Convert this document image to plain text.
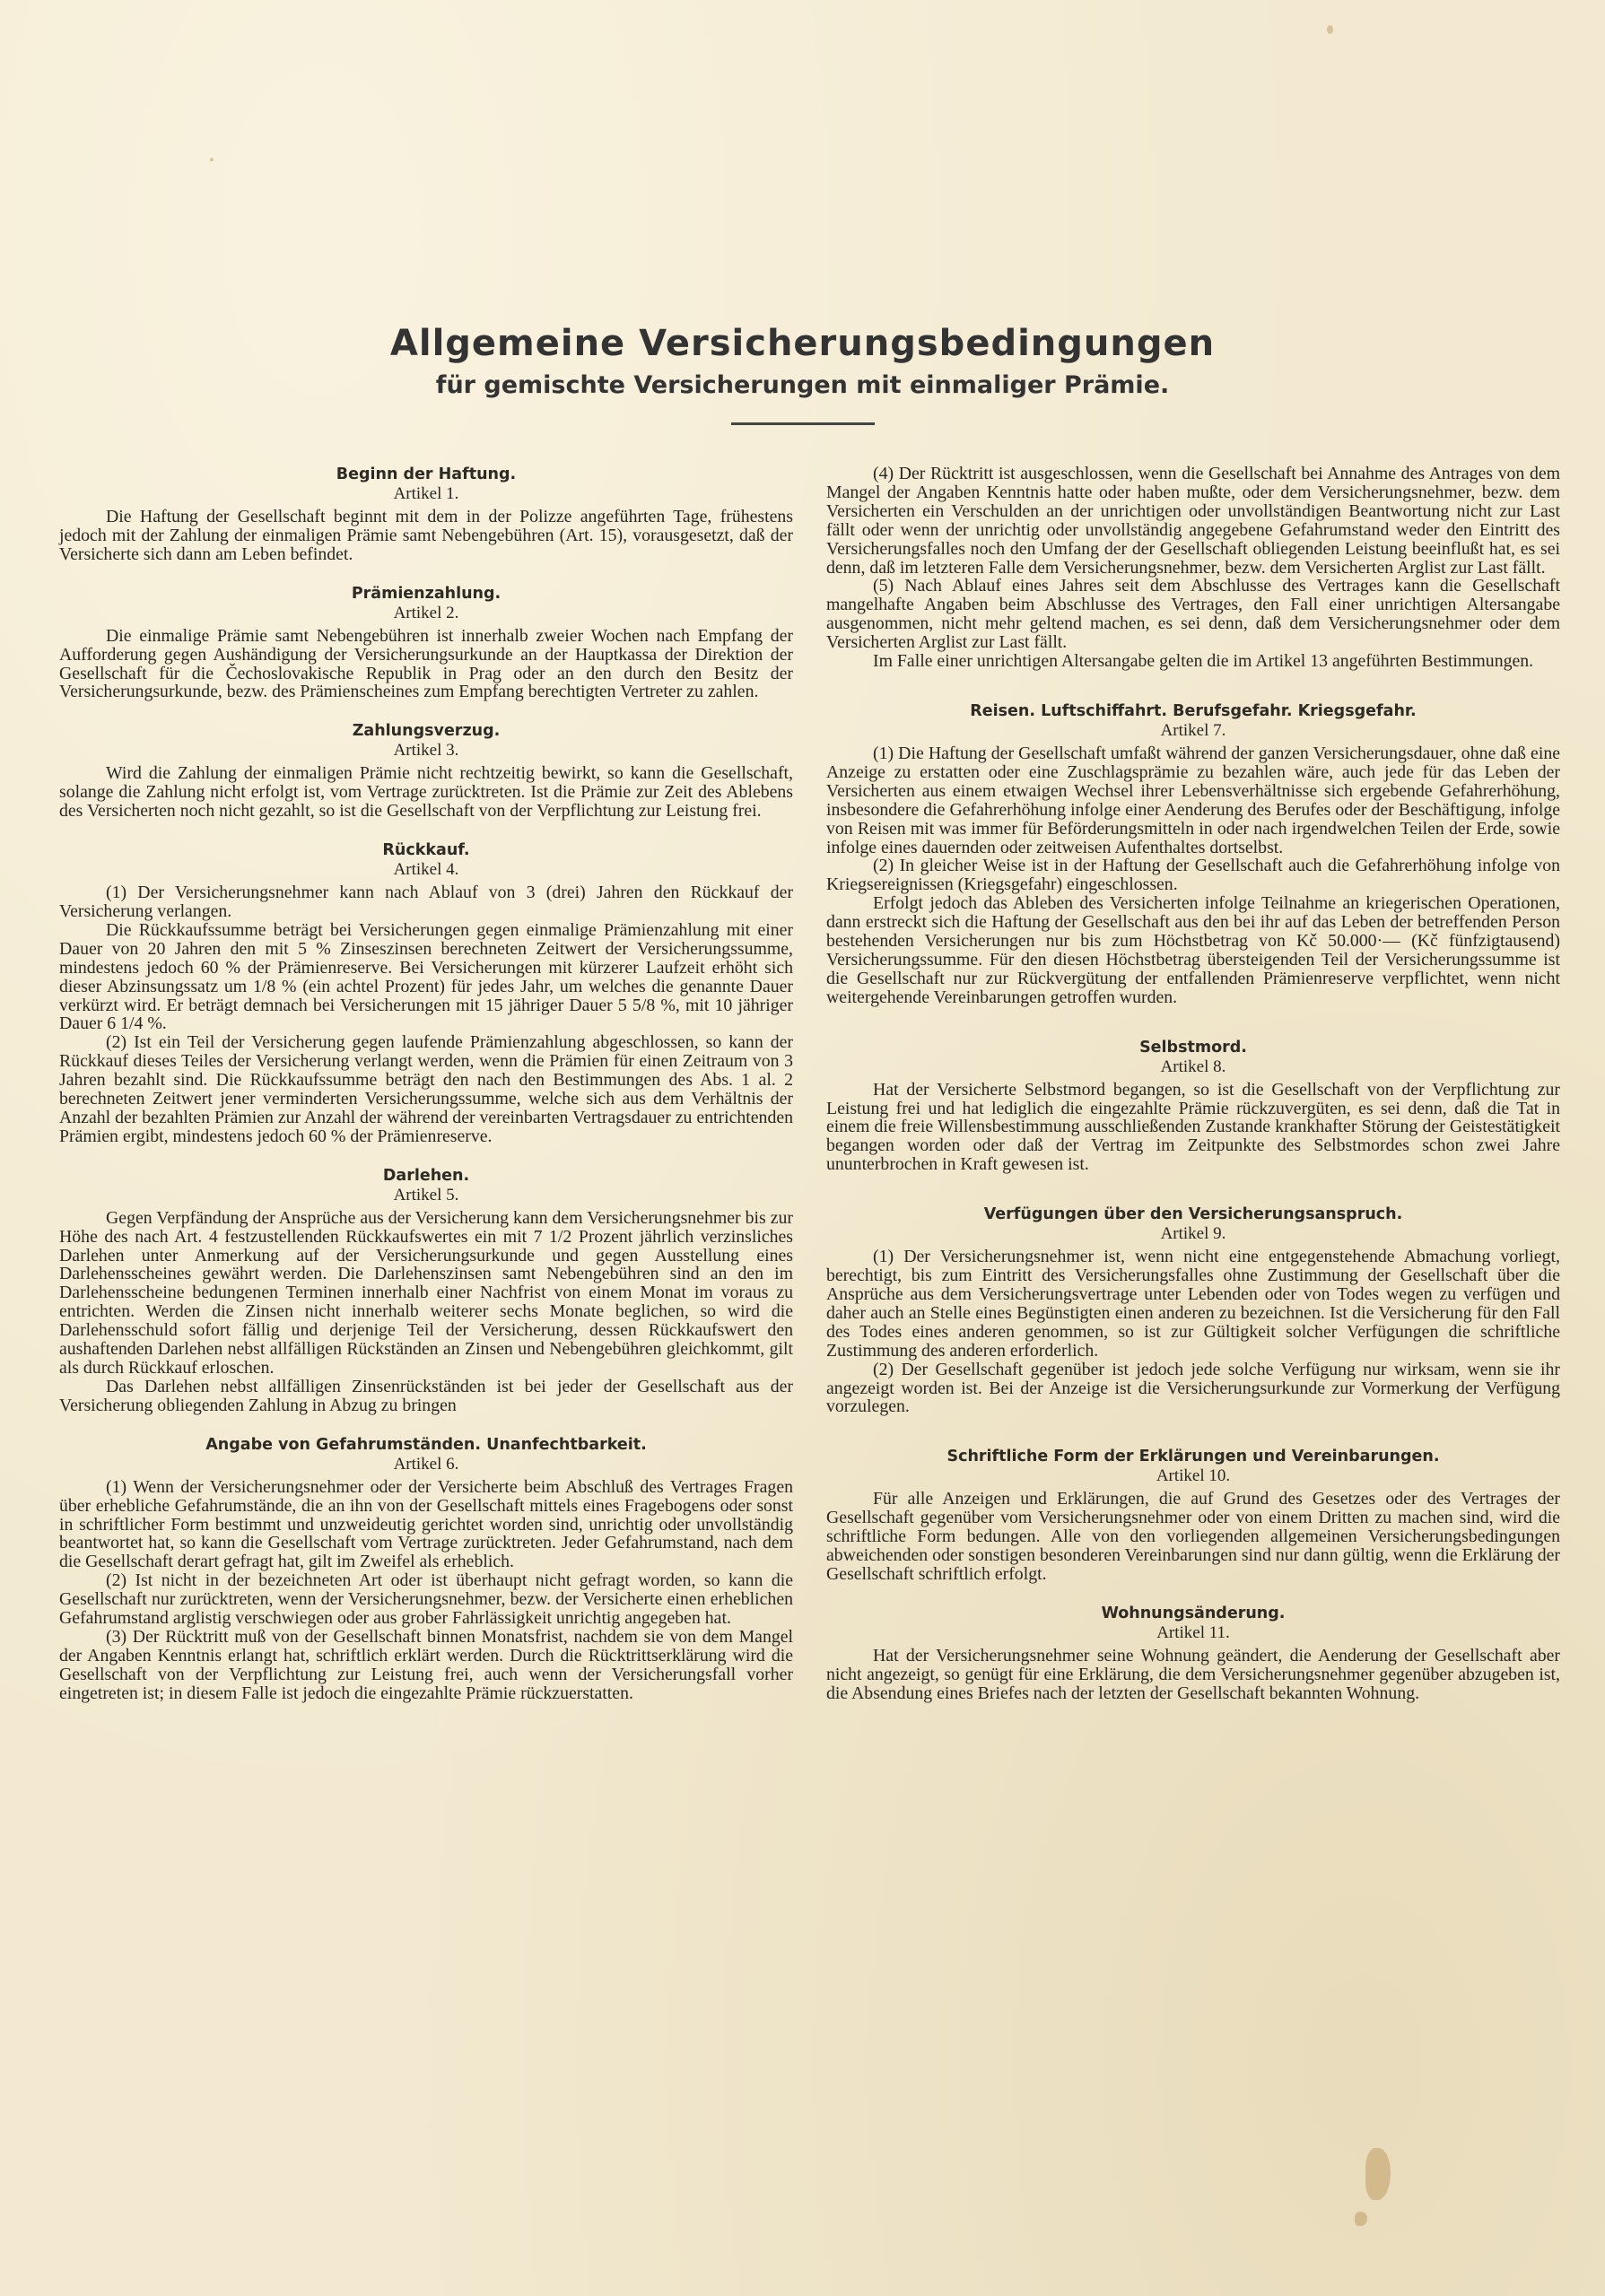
Allgemeine Versicherungsbedingungen
für gemischte Versicherungen mit einmaliger Prämie.

Beginn der Haftung.

Artikel 1.

Die Haftung der Gesellschaft beginnt mit dem in der Polizze angeführten Tage, frühestens jedoch mit der Zahlung der einmaligen Prämie samt Nebengebühren (Art. 15), vorausgesetzt, daß der Versicherte sich dann am Leben befindet.

Prämienzahlung.

Artikel 2.

Die einmalige Prämie samt Nebengebühren ist innerhalb zweier Wochen nach Empfang der Aufforderung gegen Aushändigung der Versicherungsurkunde an der Hauptkassa der Direktion der Gesellschaft für die Čechoslovakische Republik in Prag oder an den durch den Besitz der Versicherungsurkunde, bezw. des Prämienscheines zum Empfang berechtigten Vertreter zu zahlen.

Zahlungsverzug.

Artikel 3.

Wird die Zahlung der einmaligen Prämie nicht rechtzeitig bewirkt, so kann die Gesellschaft, solange die Zahlung nicht erfolgt ist, vom Vertrage zurücktreten. Ist die Prämie zur Zeit des Ablebens des Versicherten noch nicht gezahlt, so ist die Gesellschaft von der Verpflichtung zur Leistung frei.

Rückkauf.

Artikel 4.

(1) Der Versicherungsnehmer kann nach Ablauf von 3 (drei) Jahren den Rückkauf der Versicherung verlangen.

Die Rückkaufssumme beträgt bei Versicherungen gegen einmalige Prämienzahlung mit einer Dauer von 20 Jahren den mit 5 % Zinseszinsen berechneten Zeitwert der Versicherungssumme, mindestens jedoch 60 % der Prämienreserve. Bei Versicherungen mit kürzerer Laufzeit erhöht sich dieser Abzinsungssatz um 1/8 % (ein achtel Prozent) für jedes Jahr, um welches die genannte Dauer verkürzt wird. Er beträgt demnach bei Versicherungen mit 15 jähriger Dauer 5 5/8 %, mit 10 jähriger Dauer 6 1/4 %.

(2) Ist ein Teil der Versicherung gegen laufende Prämienzahlung abgeschlossen, so kann der Rückkauf dieses Teiles der Versicherung verlangt werden, wenn die Prämien für einen Zeitraum von 3 Jahren bezahlt sind. Die Rückkaufssumme beträgt den nach den Bestimmungen des Abs. 1 al. 2 berechneten Zeitwert jener verminderten Versicherungssumme, welche sich aus dem Verhältnis der Anzahl der bezahlten Prämien zur Anzahl der während der vereinbarten Vertragsdauer zu entrichtenden Prämien ergibt, mindestens jedoch 60 % der Prämienreserve.

Darlehen.

Artikel 5.

Gegen Verpfändung der Ansprüche aus der Versicherung kann dem Versicherungsnehmer bis zur Höhe des nach Art. 4 festzustellenden Rückkaufswertes ein mit 7 1/2 Prozent jährlich verzinsliches Darlehen unter Anmerkung auf der Versicherungsurkunde und gegen Ausstellung eines Darlehensscheines gewährt werden. Die Darlehenszinsen samt Nebengebühren sind an den im Darlehensscheine bedungenen Terminen innerhalb einer Nachfrist von einem Monat im voraus zu entrichten. Werden die Zinsen nicht innerhalb weiterer sechs Monate beglichen, so wird die Darlehensschuld sofort fällig und derjenige Teil der Versicherung, dessen Rückkaufswert den aushaftenden Darlehen nebst allfälligen Rückständen an Zinsen und Nebengebühren gleichkommt, gilt als durch Rückkauf erloschen.

Das Darlehen nebst allfälligen Zinsenrückständen ist bei jeder der Gesellschaft aus der Versicherung obliegenden Zahlung in Abzug zu bringen

Angabe von Gefahrumständen. Unanfechtbarkeit.

Artikel 6.

(1) Wenn der Versicherungsnehmer oder der Versicherte beim Abschluß des Vertrages Fragen über erhebliche Gefahrumstände, die an ihn von der Gesellschaft mittels eines Fragebogens oder sonst in schriftlicher Form bestimmt und unzweideutig gerichtet worden sind, unrichtig oder unvollständig beantwortet hat, so kann die Gesellschaft vom Vertrage zurücktreten. Jeder Gefahrumstand, nach dem die Gesellschaft derart gefragt hat, gilt im Zweifel als erheblich.

(2) Ist nicht in der bezeichneten Art oder ist überhaupt nicht gefragt worden, so kann die Gesellschaft nur zurücktreten, wenn der Versicherungsnehmer, bezw. der Versicherte einen erheblichen Gefahrumstand arglistig verschwiegen oder aus grober Fahrlässigkeit unrichtig angegeben hat.

(3) Der Rücktritt muß von der Gesellschaft binnen Monatsfrist, nachdem sie von dem Mangel der Angaben Kenntnis erlangt hat, schriftlich erklärt werden. Durch die Rücktrittserklärung wird die Gesellschaft von der Verpflichtung zur Leistung frei, auch wenn der Versicherungsfall vorher eingetreten ist; in diesem Falle ist jedoch die eingezahlte Prämie rückzuerstatten.

(4) Der Rücktritt ist ausgeschlossen, wenn die Gesellschaft bei Annahme des Antrages von dem Mangel der Angaben Kenntnis hatte oder haben mußte, oder dem Versicherungsnehmer, bezw. dem Versicherten ein Verschulden an der unrichtigen oder unvollständigen Beantwortung nicht zur Last fällt oder wenn der unrichtig oder unvollständig angegebene Gefahrumstand weder den Eintritt des Versicherungsfalles noch den Umfang der der Gesellschaft obliegenden Leistung beeinflußt hat, es sei denn, daß im letzteren Falle dem Versicherungsnehmer, bezw. dem Versicherten Arglist zur Last fällt.

(5) Nach Ablauf eines Jahres seit dem Abschlusse des Vertrages kann die Gesellschaft mangelhafte Angaben beim Abschlusse des Vertrages, den Fall einer unrichtigen Altersangabe ausgenommen, nicht mehr geltend machen, es sei denn, daß dem Versicherungsnehmer oder dem Versicherten Arglist zur Last fällt.

Im Falle einer unrichtigen Altersangabe gelten die im Artikel 13 angeführten Bestimmungen.

Reisen. Luftschiffahrt. Berufsgefahr. Kriegsgefahr.

Artikel 7.

(1) Die Haftung der Gesellschaft umfaßt während der ganzen Versicherungsdauer, ohne daß eine Anzeige zu erstatten oder eine Zuschlagsprämie zu bezahlen wäre, auch jede für das Leben der Versicherten aus einem etwaigen Wechsel ihrer Lebensverhältnisse sich ergebende Gefahrerhöhung, insbesondere die Gefahrerhöhung infolge einer Aenderung des Berufes oder der Beschäftigung, infolge von Reisen mit was immer für Beförderungsmitteln in oder nach irgendwelchen Teilen der Erde, sowie infolge eines dauernden oder zeitweisen Aufenthaltes dortselbst.

(2) In gleicher Weise ist in der Haftung der Gesellschaft auch die Gefahrerhöhung infolge von Kriegsereignissen (Kriegsgefahr) eingeschlossen.

Erfolgt jedoch das Ableben des Versicherten infolge Teilnahme an kriegerischen Operationen, dann erstreckt sich die Haftung der Gesellschaft aus den bei ihr auf das Leben der betreffenden Person bestehenden Versicherungen nur bis zum Höchstbetrag von Kč 50.000·— (Kč fünfzigtausend) Versicherungssumme. Für den diesen Höchstbetrag übersteigenden Teil der Versicherungssumme ist die Gesellschaft nur zur Rückvergütung der entfallenden Prämienreserve verpflichtet, wenn nicht weitergehende Vereinbarungen getroffen wurden.

Selbstmord.

Artikel 8.

Hat der Versicherte Selbstmord begangen, so ist die Gesellschaft von der Verpflichtung zur Leistung frei und hat lediglich die eingezahlte Prämie rückzuvergüten, es sei denn, daß die Tat in einem die freie Willensbestimmung ausschließenden Zustande krankhafter Störung der Geistestätigkeit begangen worden oder daß der Vertrag im Zeitpunkte des Selbstmordes schon zwei Jahre ununterbrochen in Kraft gewesen ist.

Verfügungen über den Versicherungsanspruch.

Artikel 9.

(1) Der Versicherungsnehmer ist, wenn nicht eine entgegenstehende Abmachung vorliegt, berechtigt, bis zum Eintritt des Versicherungsfalles ohne Zustimmung der Gesellschaft über die Ansprüche aus dem Versicherungsvertrage unter Lebenden oder von Todes wegen zu verfügen und daher auch an Stelle eines Begünstigten einen anderen zu bezeichnen. Ist die Versicherung für den Fall des Todes eines anderen genommen, so ist zur Gültigkeit solcher Verfügungen die schriftliche Zustimmung des anderen erforderlich.

(2) Der Gesellschaft gegenüber ist jedoch jede solche Verfügung nur wirksam, wenn sie ihr angezeigt worden ist. Bei der Anzeige ist die Versicherungsurkunde zur Vormerkung der Verfügung vorzulegen.

Schriftliche Form der Erklärungen und Vereinbarungen.

Artikel 10.

Für alle Anzeigen und Erklärungen, die auf Grund des Gesetzes oder des Vertrages der Gesellschaft gegenüber vom Versicherungsnehmer oder von einem Dritten zu machen sind, wird die schriftliche Form bedungen. Alle von den vorliegenden allgemeinen Versicherungsbedingungen abweichenden oder sonstigen besonderen Vereinbarungen sind nur dann gültig, wenn die Erklärung der Gesellschaft schriftlich erfolgt.

Wohnungsänderung.

Artikel 11.

Hat der Versicherungsnehmer seine Wohnung geändert, die Aenderung der Gesellschaft aber nicht angezeigt, so genügt für eine Erklärung, die dem Versicherungsnehmer gegenüber abzugeben ist, die Absendung eines Briefes nach der letzten der Gesellschaft bekannten Wohnung.
